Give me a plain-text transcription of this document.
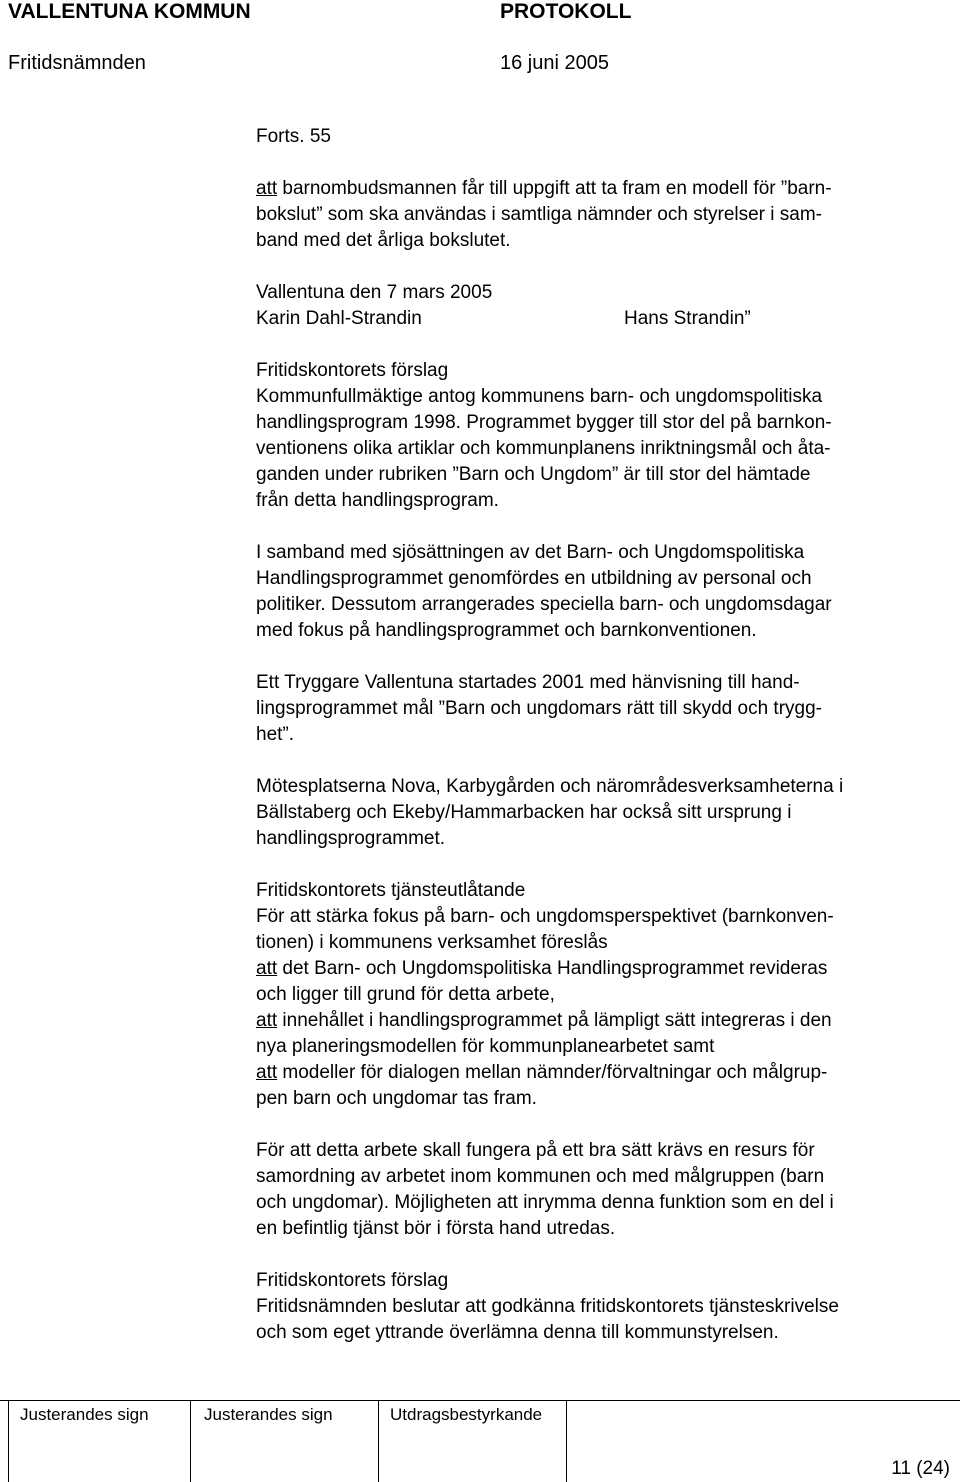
VALLENTUNA KOMMUN	PROTOKOLL
Fritidsnämnden	16 juni 2005

Forts. 55

att barnombudsmannen får till uppgift att ta fram en modell för ”barn-

bokslut” som ska användas i samtliga nämnder och styrelser i sam-

band med det årliga bokslutet.

Vallentuna den 7 mars 2005

Karin Dahl-Strandin	Hans Strandin”

Fritidskontorets förslag

Kommunfullmäktige antog kommunens barn- och ungdomspolitiska

handlingsprogram 1998. Programmet bygger till stor del på barnkon-

ventionens olika artiklar och kommunplanens inriktningsmål och åta-

ganden under rubriken ”Barn och Ungdom” är till stor del hämtade

från detta handlingsprogram.

I samband med sjösättningen av det Barn- och Ungdomspolitiska

Handlingsprogrammet genomfördes en utbildning av personal och

politiker. Dessutom arrangerades speciella barn- och ungdomsdagar

med fokus på handlingsprogrammet och barnkonventionen.

Ett Tryggare Vallentuna startades 2001 med hänvisning till hand-

lingsprogrammet mål ”Barn och ungdomars rätt till skydd och trygg-

het”.

Mötesplatserna Nova, Karbygården och närområdesverksamheterna i

Bällstaberg och Ekeby/Hammarbacken har också sitt ursprung i

handlingsprogrammet.

Fritidskontorets tjänsteutlåtande

För att stärka fokus på barn- och ungdomsperspektivet (barnkonven-

tionen) i kommunens verksamhet föreslås

att det Barn- och Ungdomspolitiska Handlingsprogrammet revideras

och ligger till grund för detta arbete,

att innehållet i handlingsprogrammet på lämpligt sätt integreras i den

nya planeringsmodellen för kommunplanearbetet samt

att modeller för dialogen mellan nämnder/förvaltningar och målgrup-

pen barn och ungdomar tas fram.

För att detta arbete skall fungera på ett bra sätt krävs en resurs för

samordning av arbetet inom kommunen och med målgruppen (barn

och ungdomar). Möjligheten att inrymma denna funktion som en del i

en befintlig tjänst bör i första hand utredas.

Fritidskontorets förslag

Fritidsnämnden beslutar att godkänna fritidskontorets tjänsteskrivelse

och som eget yttrande överlämna denna till kommunstyrelsen.

Justerandes sign	Justerandes sign	Utdragsbestyrkande
11 (24)
